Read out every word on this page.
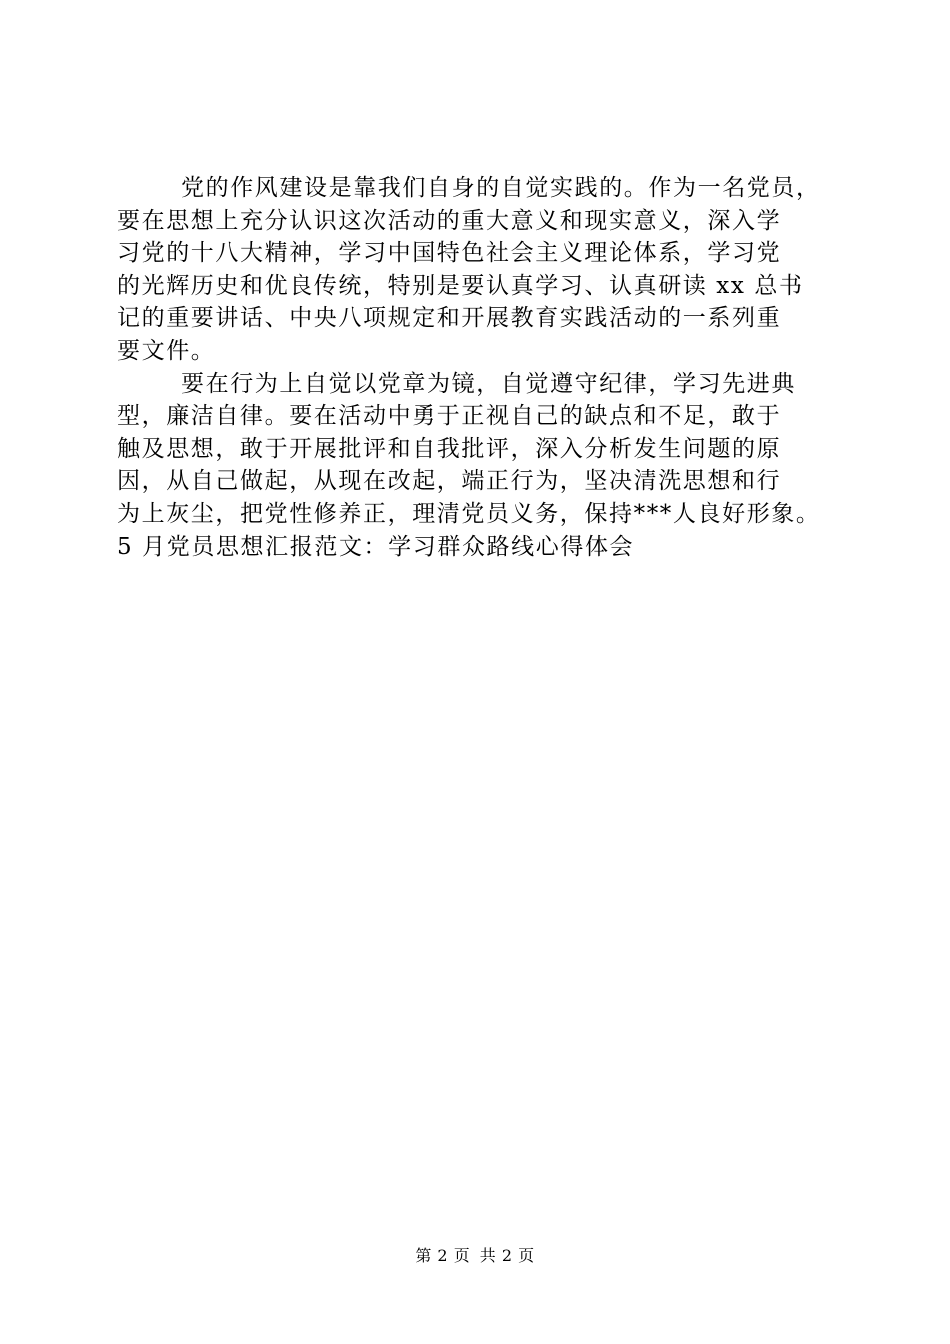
党的作风建设是靠我们自身的自觉实践的。作为一名党员，
要在思想上充分认识这次活动的重大意义和现实意义，深入学
习党的十八大精神，学习中国特色社会主义理论体系，学习党
的光辉历史和优良传统，特别是要认真学习、认真研读 xx 总书
记的重要讲话、中央八项规定和开展教育实践活动的一系列重
要文件。
要在行为上自觉以党章为镜，自觉遵守纪律，学习先进典
型，廉洁自律。要在活动中勇于正视自己的缺点和不足，敢于
触及思想，敢于开展批评和自我批评，深入分析发生问题的原
因，从自己做起，从现在改起，端正行为，坚决清洗思想和行
为上灰尘，把党性修养正，理清党员义务，保持***人良好形象。
5 月党员思想汇报范文：学习群众路线心得体会
第 2 页 共 2 页
